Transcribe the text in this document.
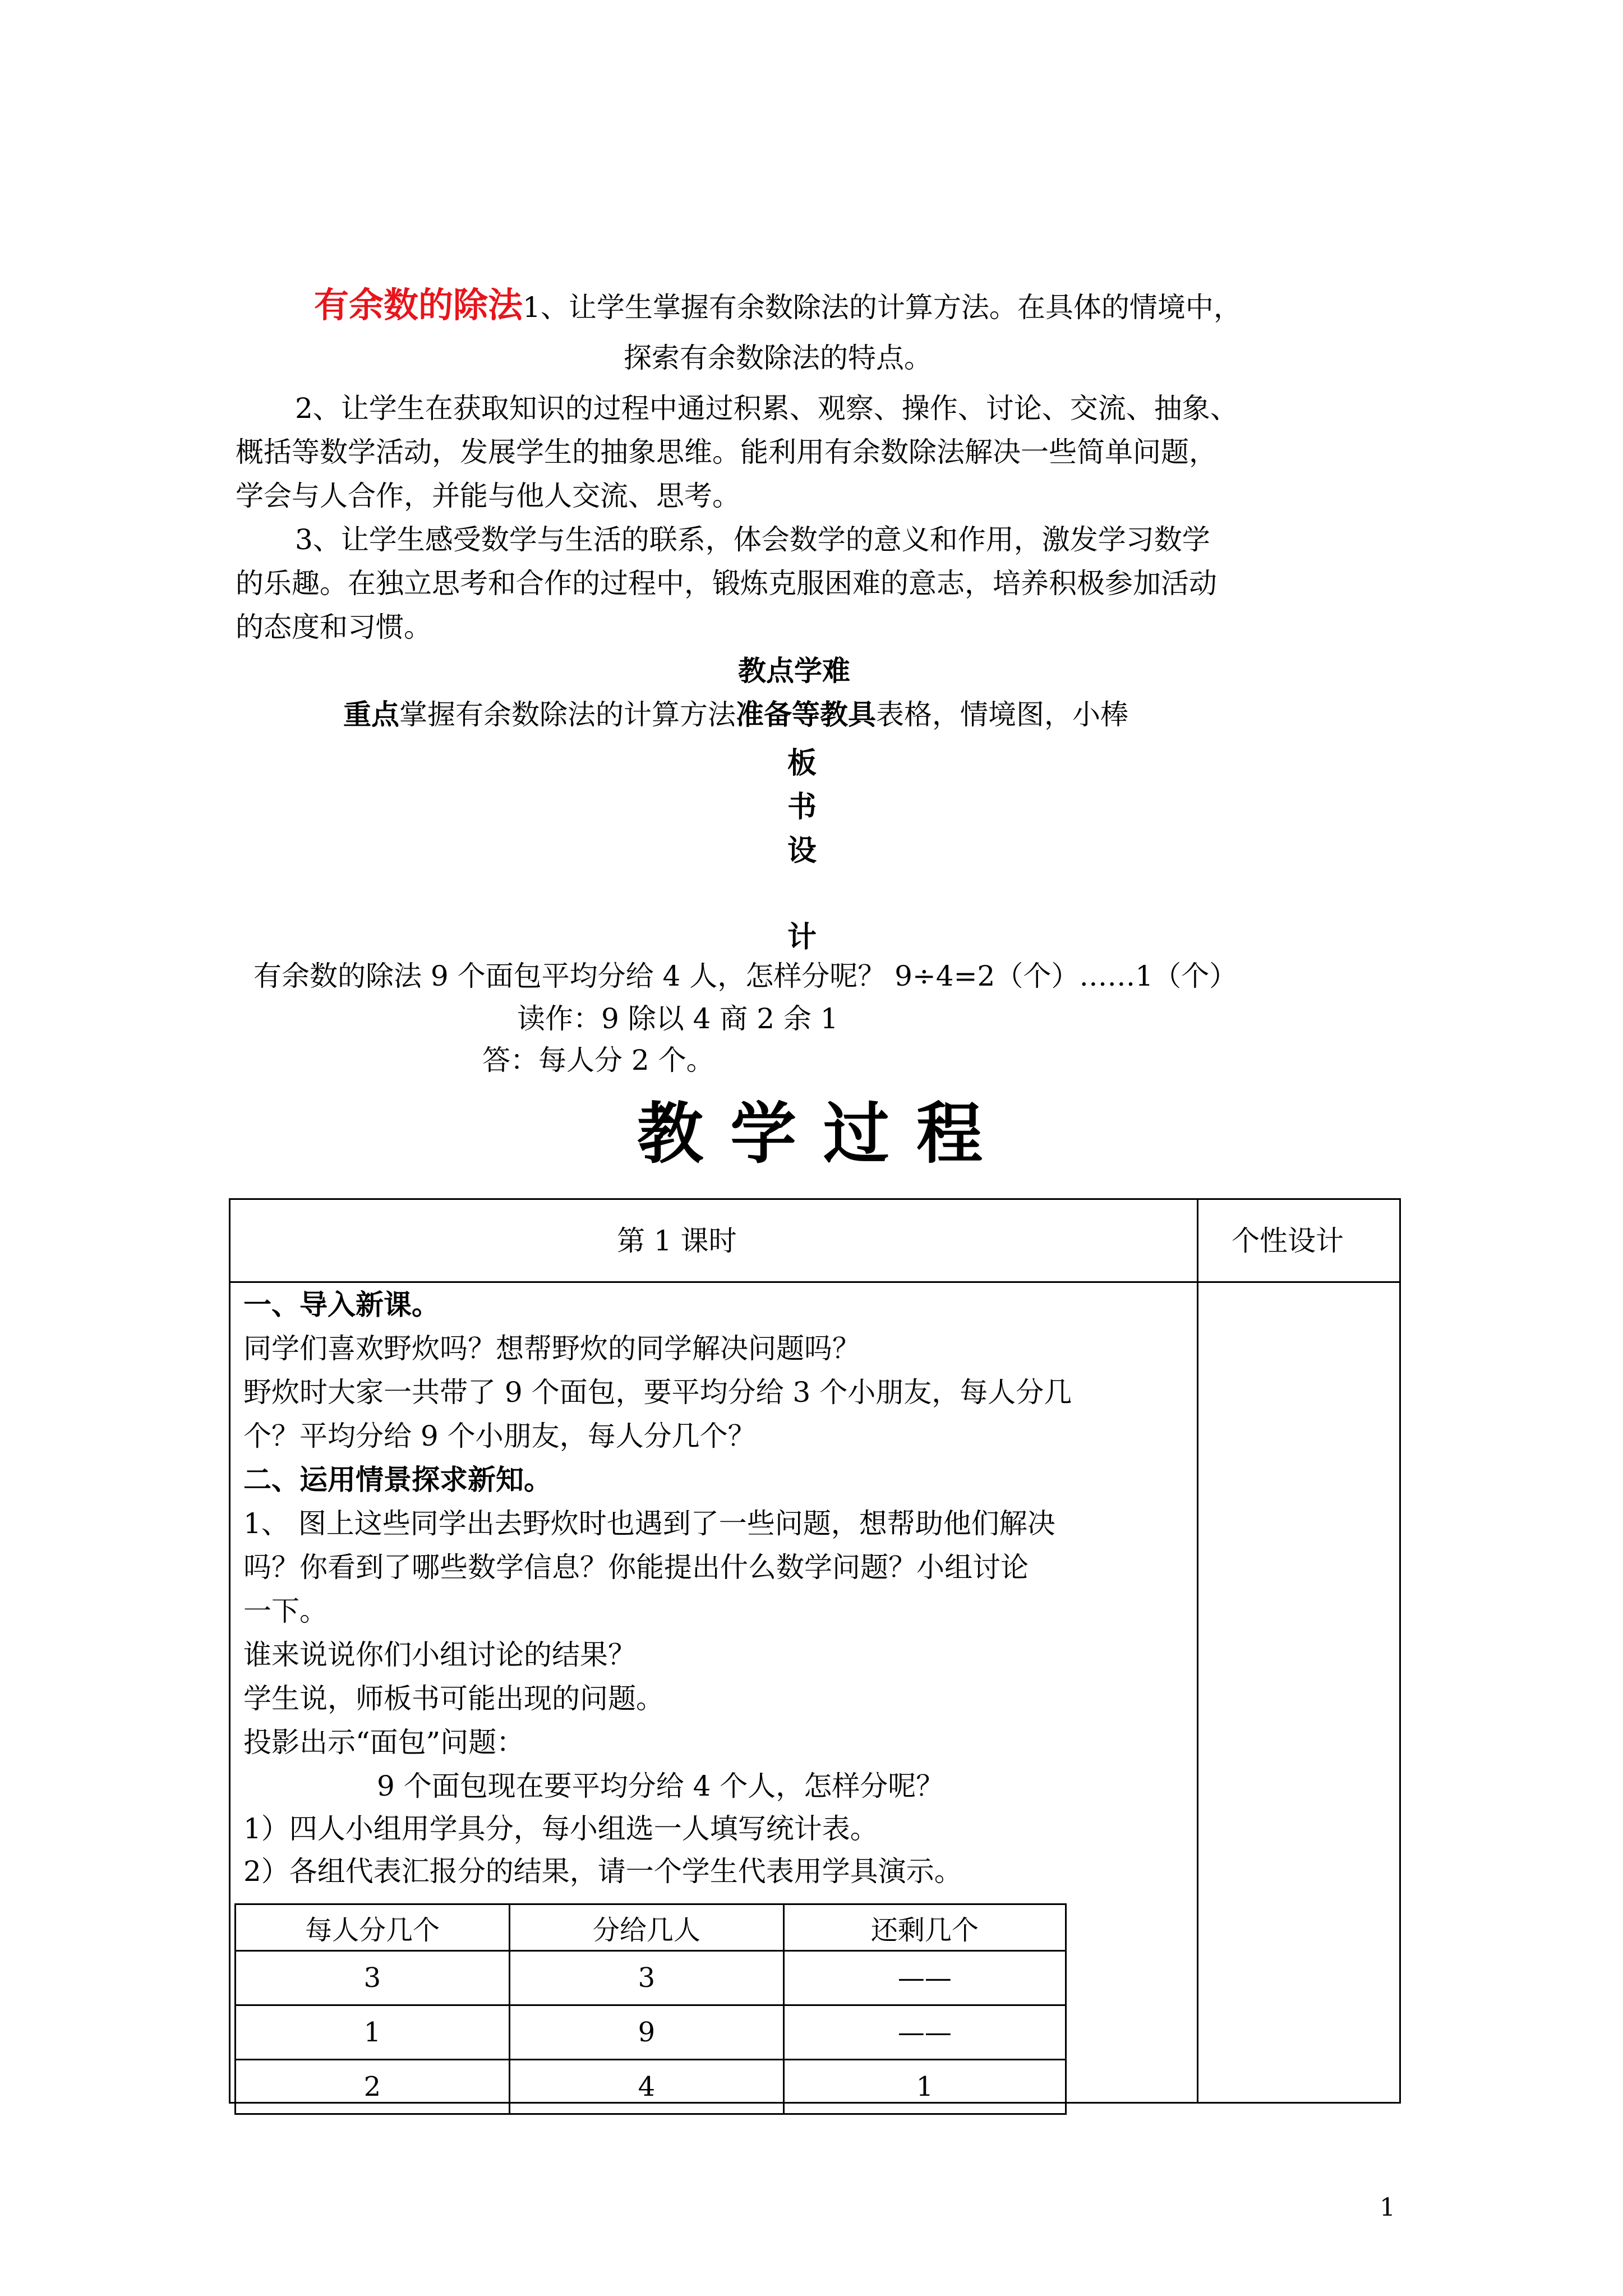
有余数的除法1、让学生掌握有余数除法的计算方法。在具体的情境中，
探索有余数除法的特点。
2、让学生在获取知识的过程中通过积累、观察、操作、讨论、交流、抽象、
概括等数学活动，发展学生的抽象思维。能利用有余数除法解决一些简单问题，
学会与人合作，并能与他人交流、思考。
3、让学生感受数学与生活的联系，体会数学的意义和作用，激发学习数学
的乐趣。在独立思考和合作的过程中，锻炼克服困难的意志，培养积极参加活动
的态度和习惯。
教点学难
重点掌握有余数除法的计算方法准备等教具表格，情境图，小棒
板
书
设
计
有余数的除法 9 个面包平均分给 4 人，怎样分呢？ 9÷4=2（个）……1（个）
读作：9 除以 4 商 2 余 1
答：每人分 2 个。
教学过程
第 1 课时	个性设计
一、导入新课。
同学们喜欢野炊吗？想帮野炊的同学解决问题吗？
野炊时大家一共带了 9 个面包，要平均分给 3 个小朋友，每人分几
个？平均分给 9 个小朋友，每人分几个？
二、运用情景探求新知。
1、 图上这些同学出去野炊时也遇到了一些问题，想帮助他们解决
吗？你看到了哪些数学信息？你能提出什么数学问题？小组讨论
一下。
谁来说说你们小组讨论的结果？
学生说，师板书可能出现的问题。
投影出示“面包”问题：
9 个面包现在要平均分给 4 个人，怎样分呢？
1）四人小组用学具分，每小组选一人填写统计表。
2）各组代表汇报分的结果，请一个学生代表用学具演示。
每人分几个	分给几人	还剩几个
3	3	——
1	9	——
2	4	1
1
